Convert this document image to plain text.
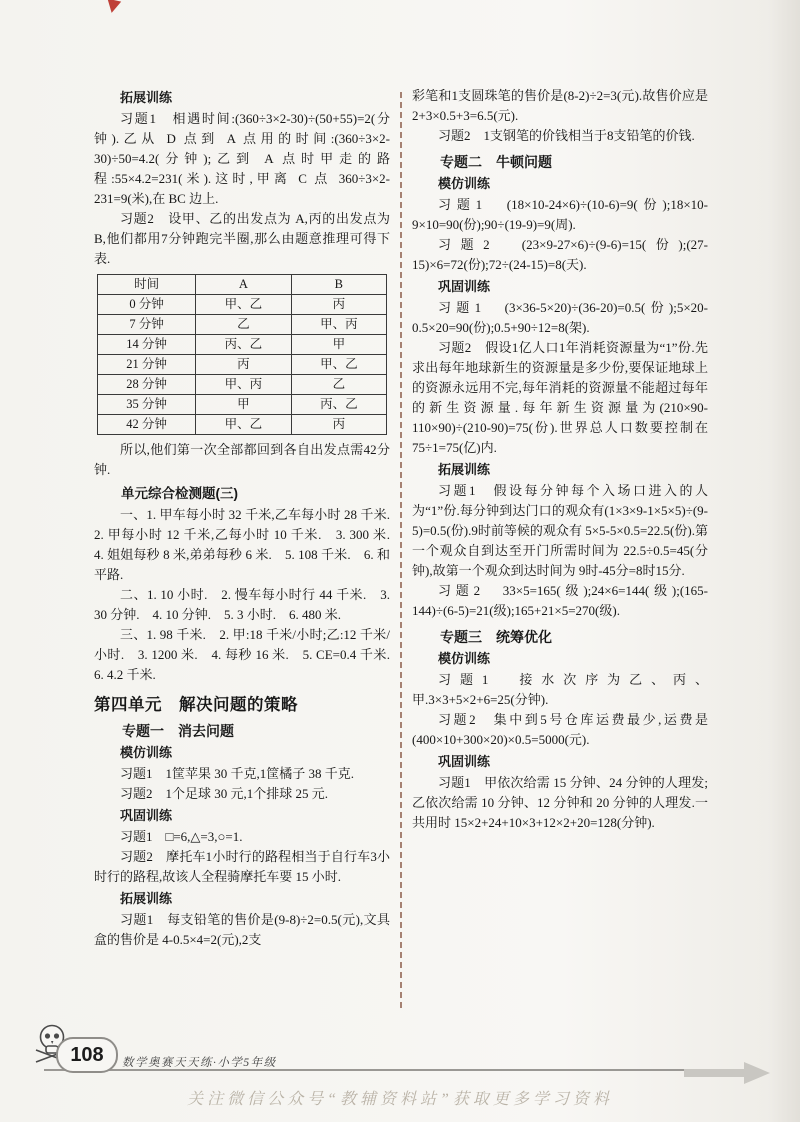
拓展训练

习题1　相遇时间:(360÷3×2-30)÷(50+55)=2(分钟).乙从 D 点到 A 点用的时间:(360÷3×2-30)÷50=4.2(分钟);乙到 A 点时甲走的路程:55×4.2=231(米).这时,甲离 C 点 360÷3×2-231=9(米),在 BC 边上.

习题2　设甲、乙的出发点为 A,丙的出发点为 B,他们都用7分钟跑完半圈,那么由题意推理可得下表.

时间	A	B
0 分钟	甲、乙	丙
7 分钟	乙	甲、丙
14 分钟	丙、乙	甲
21 分钟	丙	甲、乙
28 分钟	甲、丙	乙
35 分钟	甲	丙、乙
42 分钟	甲、乙	丙

所以,他们第一次全部都回到各自出发点需42分钟.

单元综合检测题(三)

一、1. 甲车每小时 32 千米,乙车每小时 28 千米.　2. 甲每小时 12 千米,乙每小时 10 千米.　3. 300 米.　4. 姐姐每秒 8 米,弟弟每秒 6 米.　5. 108 千米.　6. 和平路.

二、1. 10 小时.　2. 慢车每小时行 44 千米.　3. 30 分钟.　4. 10 分钟.　5. 3 小时.　6. 480 米.

三、1. 98 千米.　2. 甲:18 千米/小时;乙:12 千米/小时.　3. 1200 米.　4. 每秒 16 米.　5. CE=0.4 千米.　6. 4.2 千米.

第四单元　解决问题的策略

专题一　消去问题

模仿训练

习题1　1筐苹果 30 千克,1筐橘子 38 千克.

习题2　1个足球 30 元,1个排球 25 元.

巩固训练

习题1　□=6,△=3,○=1.

习题2　摩托车1小时行的路程相当于自行车3小时行的路程,故该人全程骑摩托车要 15 小时.

拓展训练

习题1　每支铅笔的售价是(9-8)÷2=0.5(元),文具盒的售价是 4-0.5×4=2(元),2支

彩笔和1支圆珠笔的售价是(8-2)÷2=3(元).故售价应是 2+3×0.5+3=6.5(元).

习题2　1支钢笔的价钱相当于8支铅笔的价钱.

专题二　牛顿问题

模仿训练

习题1　(18×10-24×6)÷(10-6)=9(份);18×10-9×10=90(份);90÷(19-9)=9(周).

习题2　(23×9-27×6)÷(9-6)=15(份);(27-15)×6=72(份);72÷(24-15)=8(天).

巩固训练

习题1　(3×36-5×20)÷(36-20)=0.5(份);5×20-0.5×20=90(份);0.5+90÷12=8(架).

习题2　假设1亿人口1年消耗资源量为“1”份.先求出每年地球新生的资源量是多少份,要保证地球上的资源永远用不完,每年消耗的资源量不能超过每年的新生资源量.每年新生资源量为(210×90-110×90)÷(210-90)=75(份).世界总人口数要控制在 75÷1=75(亿)内.

拓展训练

习题1　假设每分钟每个入场口进入的人为“1”份.每分钟到达门口的观众有(1×3×9-1×5×5)÷(9-5)=0.5(份).9时前等候的观众有 5×5-5×0.5=22.5(份).第一个观众自到达至开门所需时间为 22.5÷0.5=45(分钟),故第一个观众到达时间为 9时-45分=8时15分.

习题2　33×5=165(级);24×6=144(级);(165-144)÷(6-5)=21(级);165+21×5=270(级).

专题三　统筹优化

模仿训练

习题1　接水次序为乙、丙、甲.3×3+5×2+6=25(分钟).

习题2　集中到5号仓库运费最少,运费是(400×10+300×20)×0.5=5000(元).

巩固训练

习题1　甲依次给需 15 分钟、24 分钟的人理发;乙依次给需 10 分钟、12 分钟和 20 分钟的人理发.一共用时 15×2+24+10×3+12×2+20=128(分钟).

108	数学奥赛天天练·小学5年级
关注微信公众号“教辅资料站”获取更多学习资料
